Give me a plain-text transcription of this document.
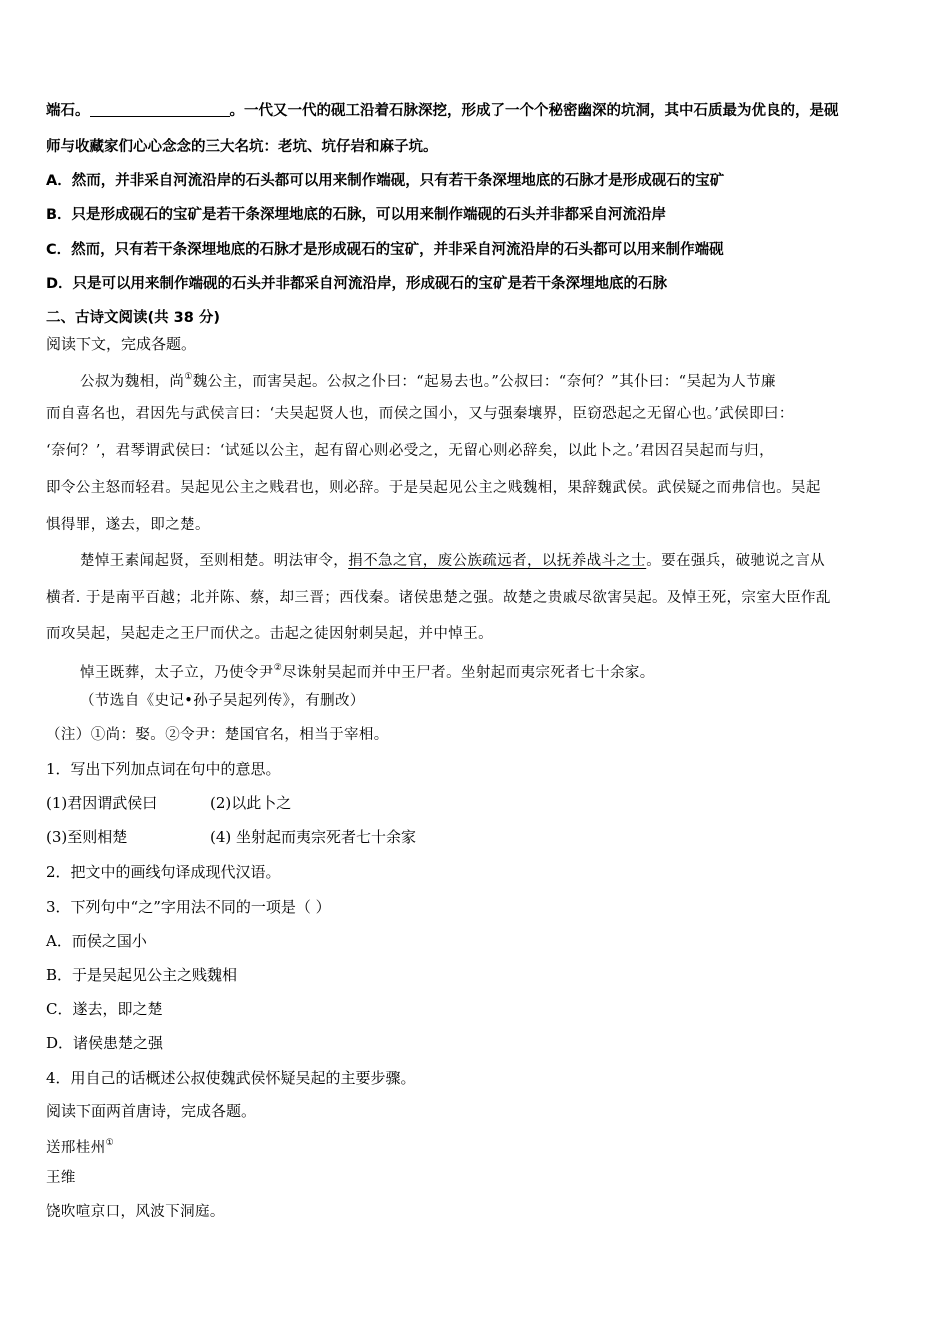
端石。	。一代又一代的砚工沿着石脉深挖，形成了一个个秘密幽深的坑洞，其中石质最为优良的，是砚
师与收藏家们心心念念的三大名坑：老坑、坑仔岩和麻子坑。
A．然而，并非采自河流沿岸的石头都可以用来制作端砚，只有若干条深埋地底的石脉才是形成砚石的宝矿
B．只是形成砚石的宝矿是若干条深埋地底的石脉，可以用来制作端砚的石头并非都采自河流沿岸
C．然而，只有若干条深埋地底的石脉才是形成砚石的宝矿，并非采自河流沿岸的石头都可以用来制作端砚
D．只是可以用来制作端砚的石头并非都采自河流沿岸，形成砚石的宝矿是若干条深埋地底的石脉
二、古诗文阅读(共 38 分)
阅读下文，完成各题。
公叔为魏相，尚①魏公主，而害吴起。公叔之仆曰：“起易去也。”公叔曰：“奈何？”其仆曰：“吴起为人节廉
而自喜名也，君因先与武侯言曰：‘夫吴起贤人也，而侯之国小，又与强秦壤界，臣窃恐起之无留心也。’武侯即曰：
‘奈何？’，君琴谓武侯曰：‘试延以公主，起有留心则必受之，无留心则必辞矣，以此卜之。’君因召吴起而与归，
即令公主怒而轻君。吴起见公主之贱君也，则必辞。于是吴起见公主之贱魏相，果辞魏武侯。武侯疑之而弗信也。吴起
惧得罪，遂去，即之楚。
楚悼王素闻起贤，至则相楚。明法审令，捐不急之官，废公族疏远者，以抚养战斗之士。要在强兵，破驰说之言从
横者. 于是南平百越；北并陈、蔡，却三晋；西伐秦。诸侯患楚之强。故楚之贵戚尽欲害吴起。及悼王死，宗室大臣作乱
而攻吴起，吴起走之王尸而伏之。击起之徒因射刺吴起，并中悼王。
悼王既葬，太子立，乃使令尹②尽诛射吴起而并中王尸者。坐射起而夷宗死者七十余家。
（节选自《史记•孙子吴起列传》，有删改）
（注）①尚：娶。②令尹：楚国官名，相当于宰相。
1．写出下列加点词在句中的意思。
(1)君因谓武侯曰	(2)以此卜之
(3)至则相楚	(4) 坐射起而夷宗死者七十余家
2．把文中的画线句译成现代汉语。
3．下列句中“之”字用法不同的一项是（ ）
A．而侯之国小
B．于是吴起见公主之贱魏相
C．遂去，即之楚
D．诸侯患楚之强
4．用自己的话概述公叔使魏武侯怀疑吴起的主要步骤。
阅读下面两首唐诗，完成各题。
送邢桂州①
王维
饶吹喧京口，风波下洞庭。
